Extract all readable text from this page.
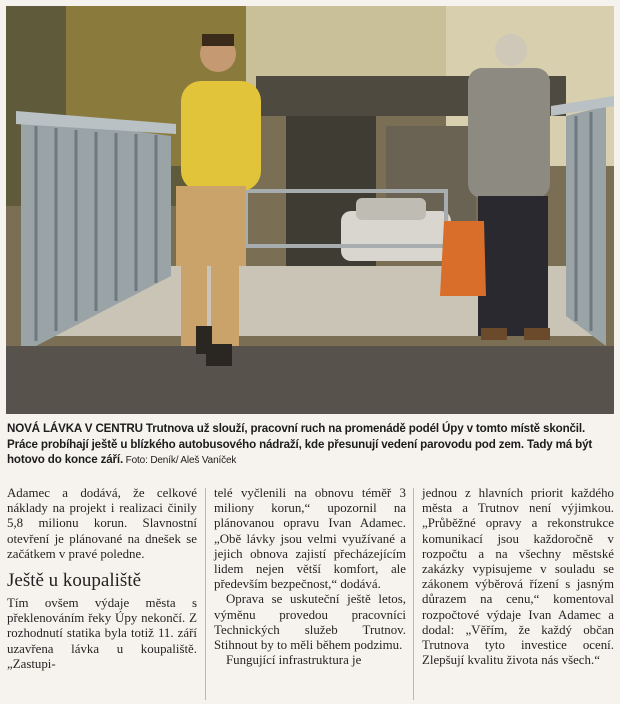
NOVÁ LÁVKA V CENTRU Trutnova už slouží, pracovní ruch na promenádě podél Úpy v tomto místě skončil. Práce probíhají ještě u blízkého autobusového nádraží, kde přesunují vedení parovodu pod zem. Tady má být hotovo do konce září. Foto: Deník/ Aleš Vaníček

Adamec a dodává, že celkové náklady na projekt i realizaci činily 5,8 milionu korun. Slavnostní otevření je plánované na dnešek se začátkem v pravé poledne.

Ještě u koupaliště

Tím ovšem výdaje města s překlenováním řeky Úpy nekončí. Z rozhodnutí statika byla totiž 11. září uzavřena lávka u koupaliště. „Zastupi-

telé vyčlenili na obnovu téměř 3 miliony korun,“ upozornil na plánovanou opravu Ivan Adamec. „Obě lávky jsou velmi využívané a jejich obnova zajistí přecházejícím lidem nejen větší komfort, ale především bezpečnost,“ dodává.

Oprava se uskuteční ještě letos, výměnu provedou pracovníci Technických služeb Trutnov. Stihnout by to měli během podzimu.

Fungující infrastruktura je

jednou z hlavních priorit každého města a Trutnov není výjimkou. „Průběžné opravy a rekonstrukce komunikací jsou každoročně v rozpočtu a na všechny městské zakázky vypisujeme v souladu se zákonem výběrová řízení s jasným důrazem na cenu,“ komentoval rozpočtové výdaje Ivan Adamec a dodal: „Věřím, že každý občan Trutnova tyto investice ocení. Zlepšují kvalitu života nás všech.“
